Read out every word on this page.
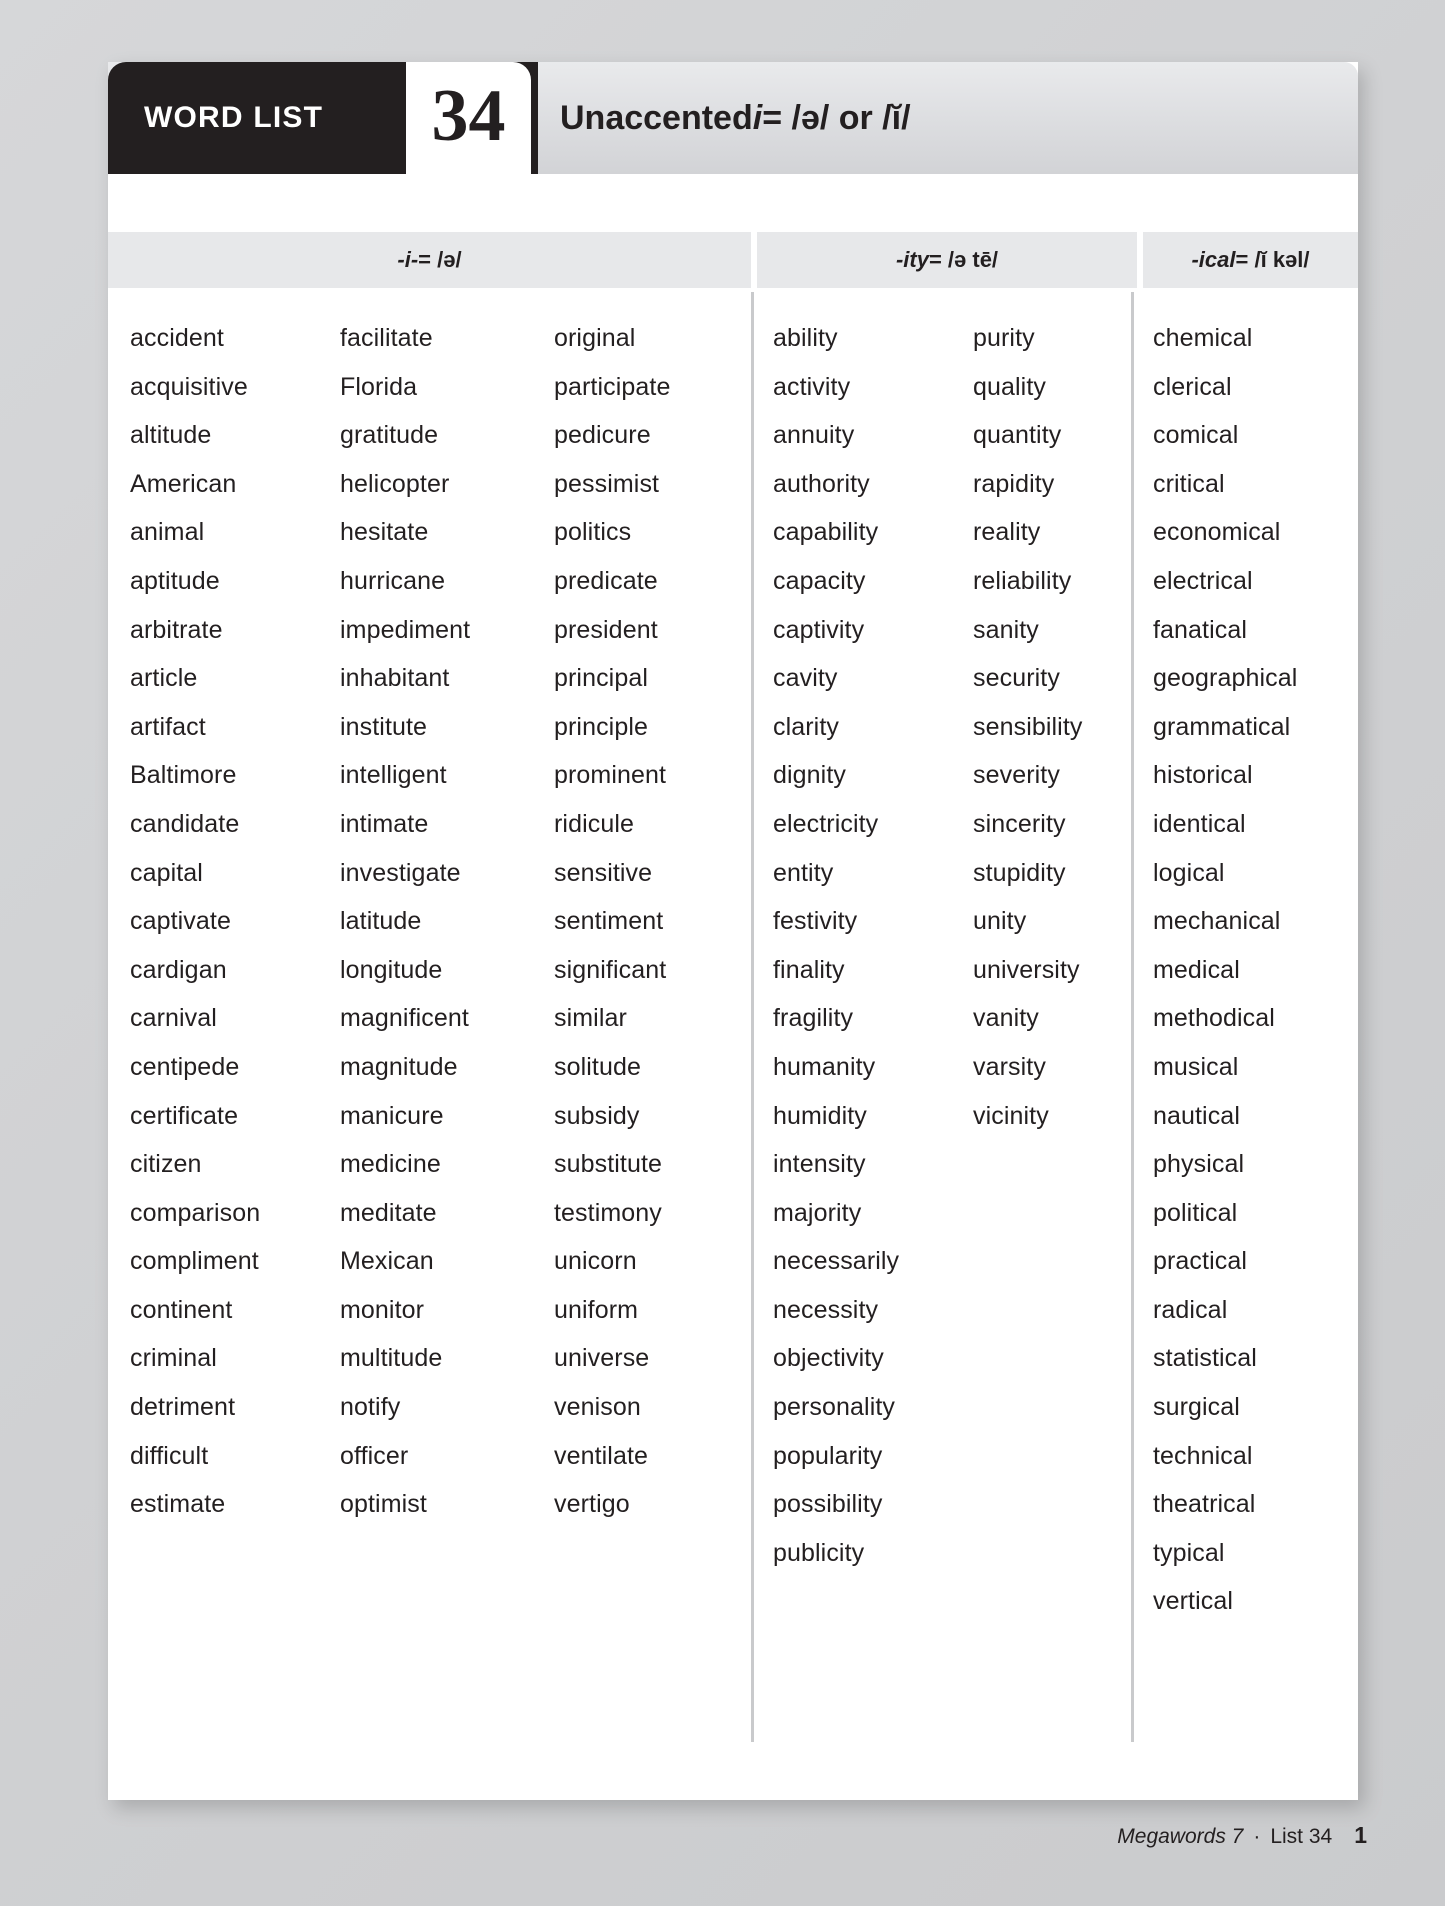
WORD LIST 34 Unaccented i = /ə/ or /ĭ/
-i- = /ə/	-ity = /ə tē/	-ical = /ĭ kəl/
accident
acquisitive
altitude
American
animal
aptitude
arbitrate
article
artifact
Baltimore
candidate
capital
captivate
cardigan
carnival
centipede
certificate
citizen
comparison
compliment
continent
criminal
detriment
difficult
estimate
facilitate
Florida
gratitude
helicopter
hesitate
hurricane
impediment
inhabitant
institute
intelligent
intimate
investigate
latitude
longitude
magnificent
magnitude
manicure
medicine
meditate
Mexican
monitor
multitude
notify
officer
optimist
original
participate
pedicure
pessimist
politics
predicate
president
principal
principle
prominent
ridicule
sensitive
sentiment
significant
similar
solitude
subsidy
substitute
testimony
unicorn
uniform
universe
venison
ventilate
vertigo
ability
activity
annuity
authority
capability
capacity
captivity
cavity
clarity
dignity
electricity
entity
festivity
finality
fragility
humanity
humidity
intensity
majority
necessarily
necessity
objectivity
personality
popularity
possibility
publicity
purity
quality
quantity
rapidity
reality
reliability
sanity
security
sensibility
severity
sincerity
stupidity
unity
university
vanity
varsity
vicinity
chemical
clerical
comical
critical
economical
electrical
fanatical
geographical
grammatical
historical
identical
logical
mechanical
medical
methodical
musical
nautical
physical
political
practical
radical
statistical
surgical
technical
theatrical
typical
vertical
Megawords 7 · List 34 1
